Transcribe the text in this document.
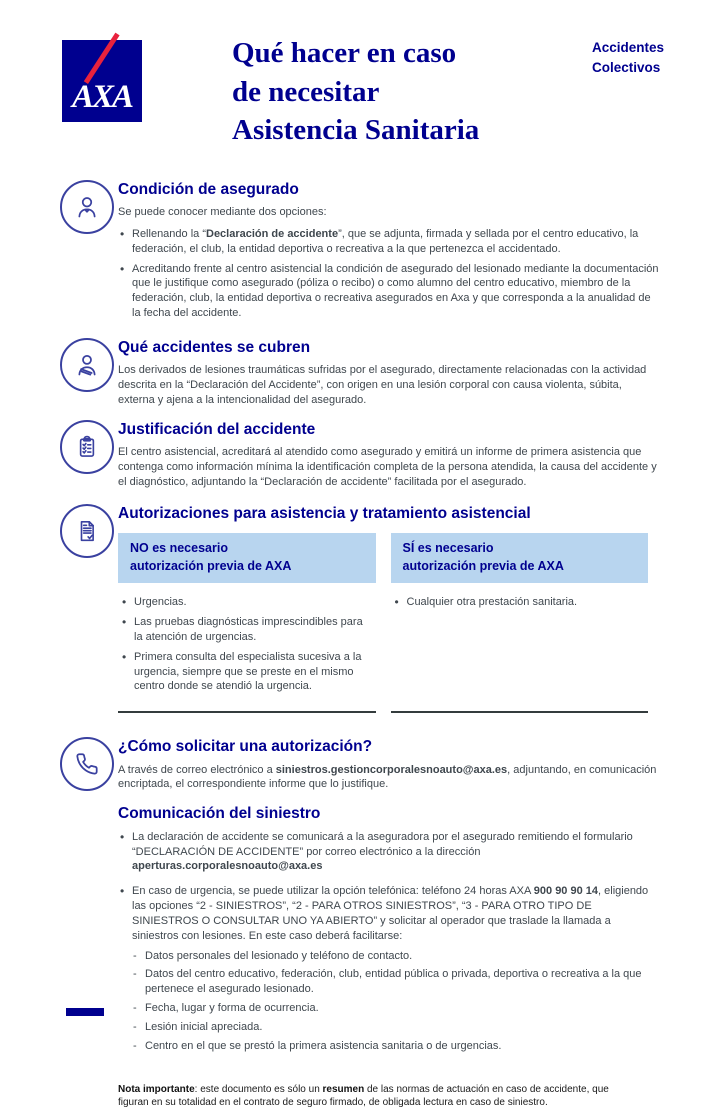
AXA
Qué hacer en caso
de necesitar
Asistencia Sanitaria
Accidentes
Colectivos
Condición de asegurado

Se puede conocer mediante dos opciones:

• Rellenando la “Declaración de accidente”, que se adjunta, firmada y sellada por el centro educativo, la federación, el club, la entidad deportiva o recreativa a la que pertenezca el accidentado.
• Acreditando frente al centro asistencial la condición de asegurado del lesionado mediante la documentación que le justifique como asegurado (póliza o recibo) o como alumno del centro educativo, miembro de la federación, club, la entidad deportiva o recreativa asegurados en Axa y que corresponda a la anualidad de la fecha del accidente.
Qué accidentes se cubren

Los derivados de lesiones traumáticas sufridas por el asegurado, directamente relacionadas con la actividad descrita en la “Declaración del Accidente”, con origen en una lesión corporal con causa violenta, súbita, externa y ajena a la intencionalidad del asegurado.

Justificación del accidente

El centro asistencial, acreditará al atendido como asegurado y emitirá un informe de primera asistencia que contenga como información mínima la identificación completa de la persona atendida, la causa del accidente y el diagnóstico, adjuntando la “Declaración de accidente” facilitada por el asegurado.

Autorizaciones para asistencia y tratamiento asistencial
NO es necesario
autorización previa de AXA
• Urgencias.
• Las pruebas diagnósticas imprescindibles para la atención de urgencias.
• Primera consulta del especialista sucesiva a la urgencia, siempre que se preste en el mismo centro donde se atendió la urgencia.
SÍ es necesario
autorización previa de AXA
• Cualquier otra prestación sanitaria.
¿Cómo solicitar una autorización?

A través de correo electrónico a siniestros.gestioncorporalesnoauto@axa.es, adjuntando, en comunicación encriptada, el correspondiente informe que lo justifique.

Comunicación del siniestro
• La declaración de accidente se comunicará a la aseguradora por el asegurado remitiendo el formulario “DECLARACIÓN DE ACCIDENTE” por correo electrónico a la dirección
aperturas.corporalesnoauto@axa.es
• En caso de urgencia, se puede utilizar la opción telefónica: teléfono 24 horas AXA 900 90 90 14, eligiendo las opciones “2 - SINIESTROS”, “2 - PARA OTROS SINIESTROS”, “3 - PARA OTRO TIPO DE SINIESTROS O CONSULTAR UNO YA ABIERTO” y solicitar al operador que traslade la llamada a siniestros con lesiones. En este caso deberá facilitarse:
- Datos personales del lesionado y teléfono de contacto.
- Datos del centro educativo, federación, club, entidad pública o privada, deportiva o recreativa a la que pertenece el asegurado lesionado.
- Fecha, lugar y forma de ocurrencia.
- Lesión inicial apreciada.
- Centro en el que se prestó la primera asistencia sanitaria o de urgencias.

Nota importante: este documento es sólo un resumen de las normas de actuación en caso de accidente, que figuran en su totalidad en el contrato de seguro firmado, de obligada lectura en caso de siniestro.
